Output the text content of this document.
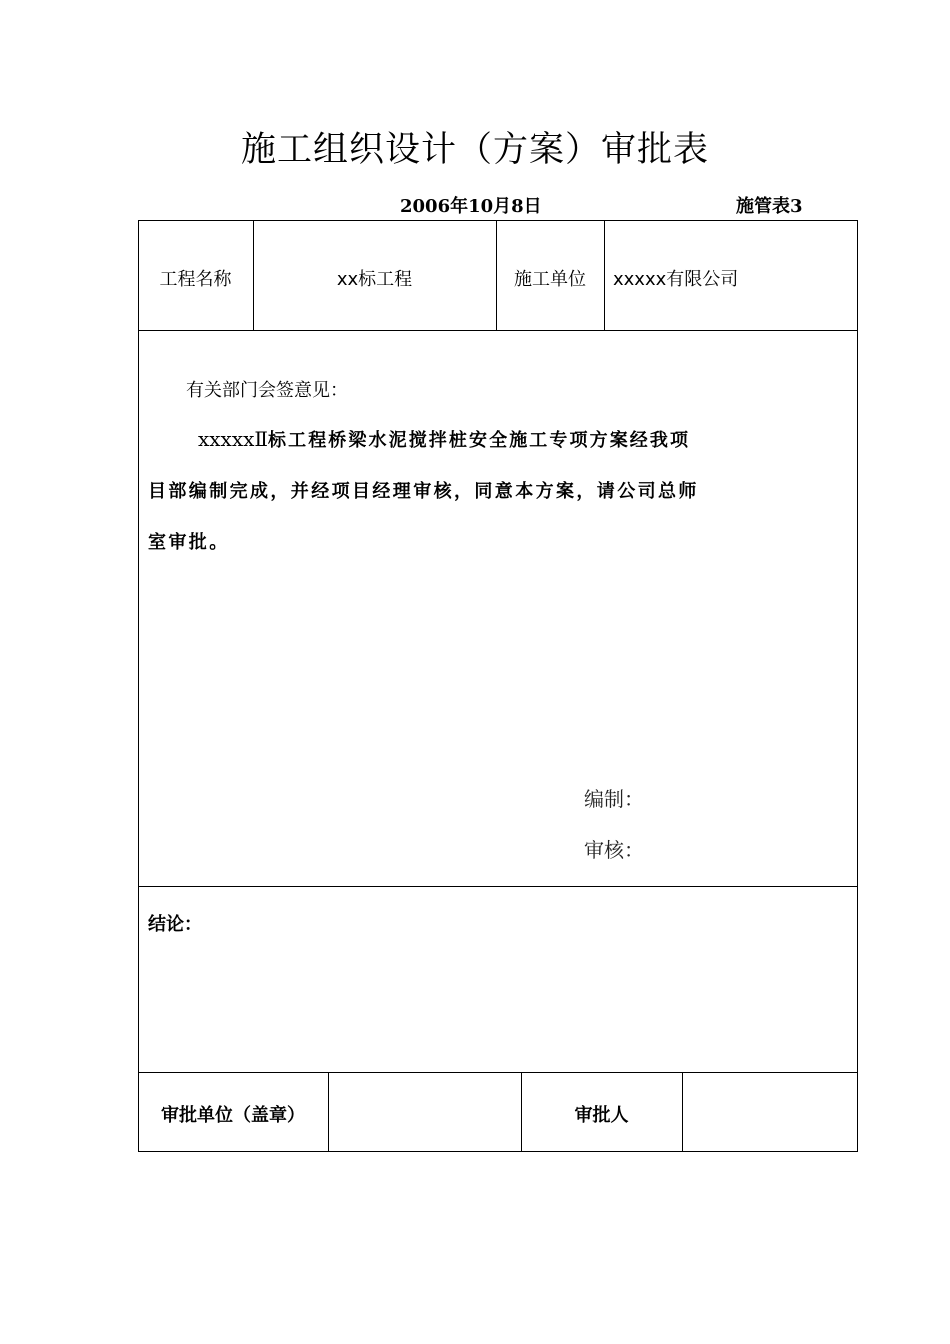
施工组织设计（方案）审批表
2006年10月8日	施管表3
工程名称	xx标工程	施工单位	xxxxx有限公司
有关部门会签意见：
xxxxxⅡ标工程桥梁水泥搅拌桩安全施工专项方案经我项
目部编制完成，并经项目经理审核，同意本方案，请公司总师
室审批。
编制：
审核：
结论：
审批单位（盖章）	审批人
